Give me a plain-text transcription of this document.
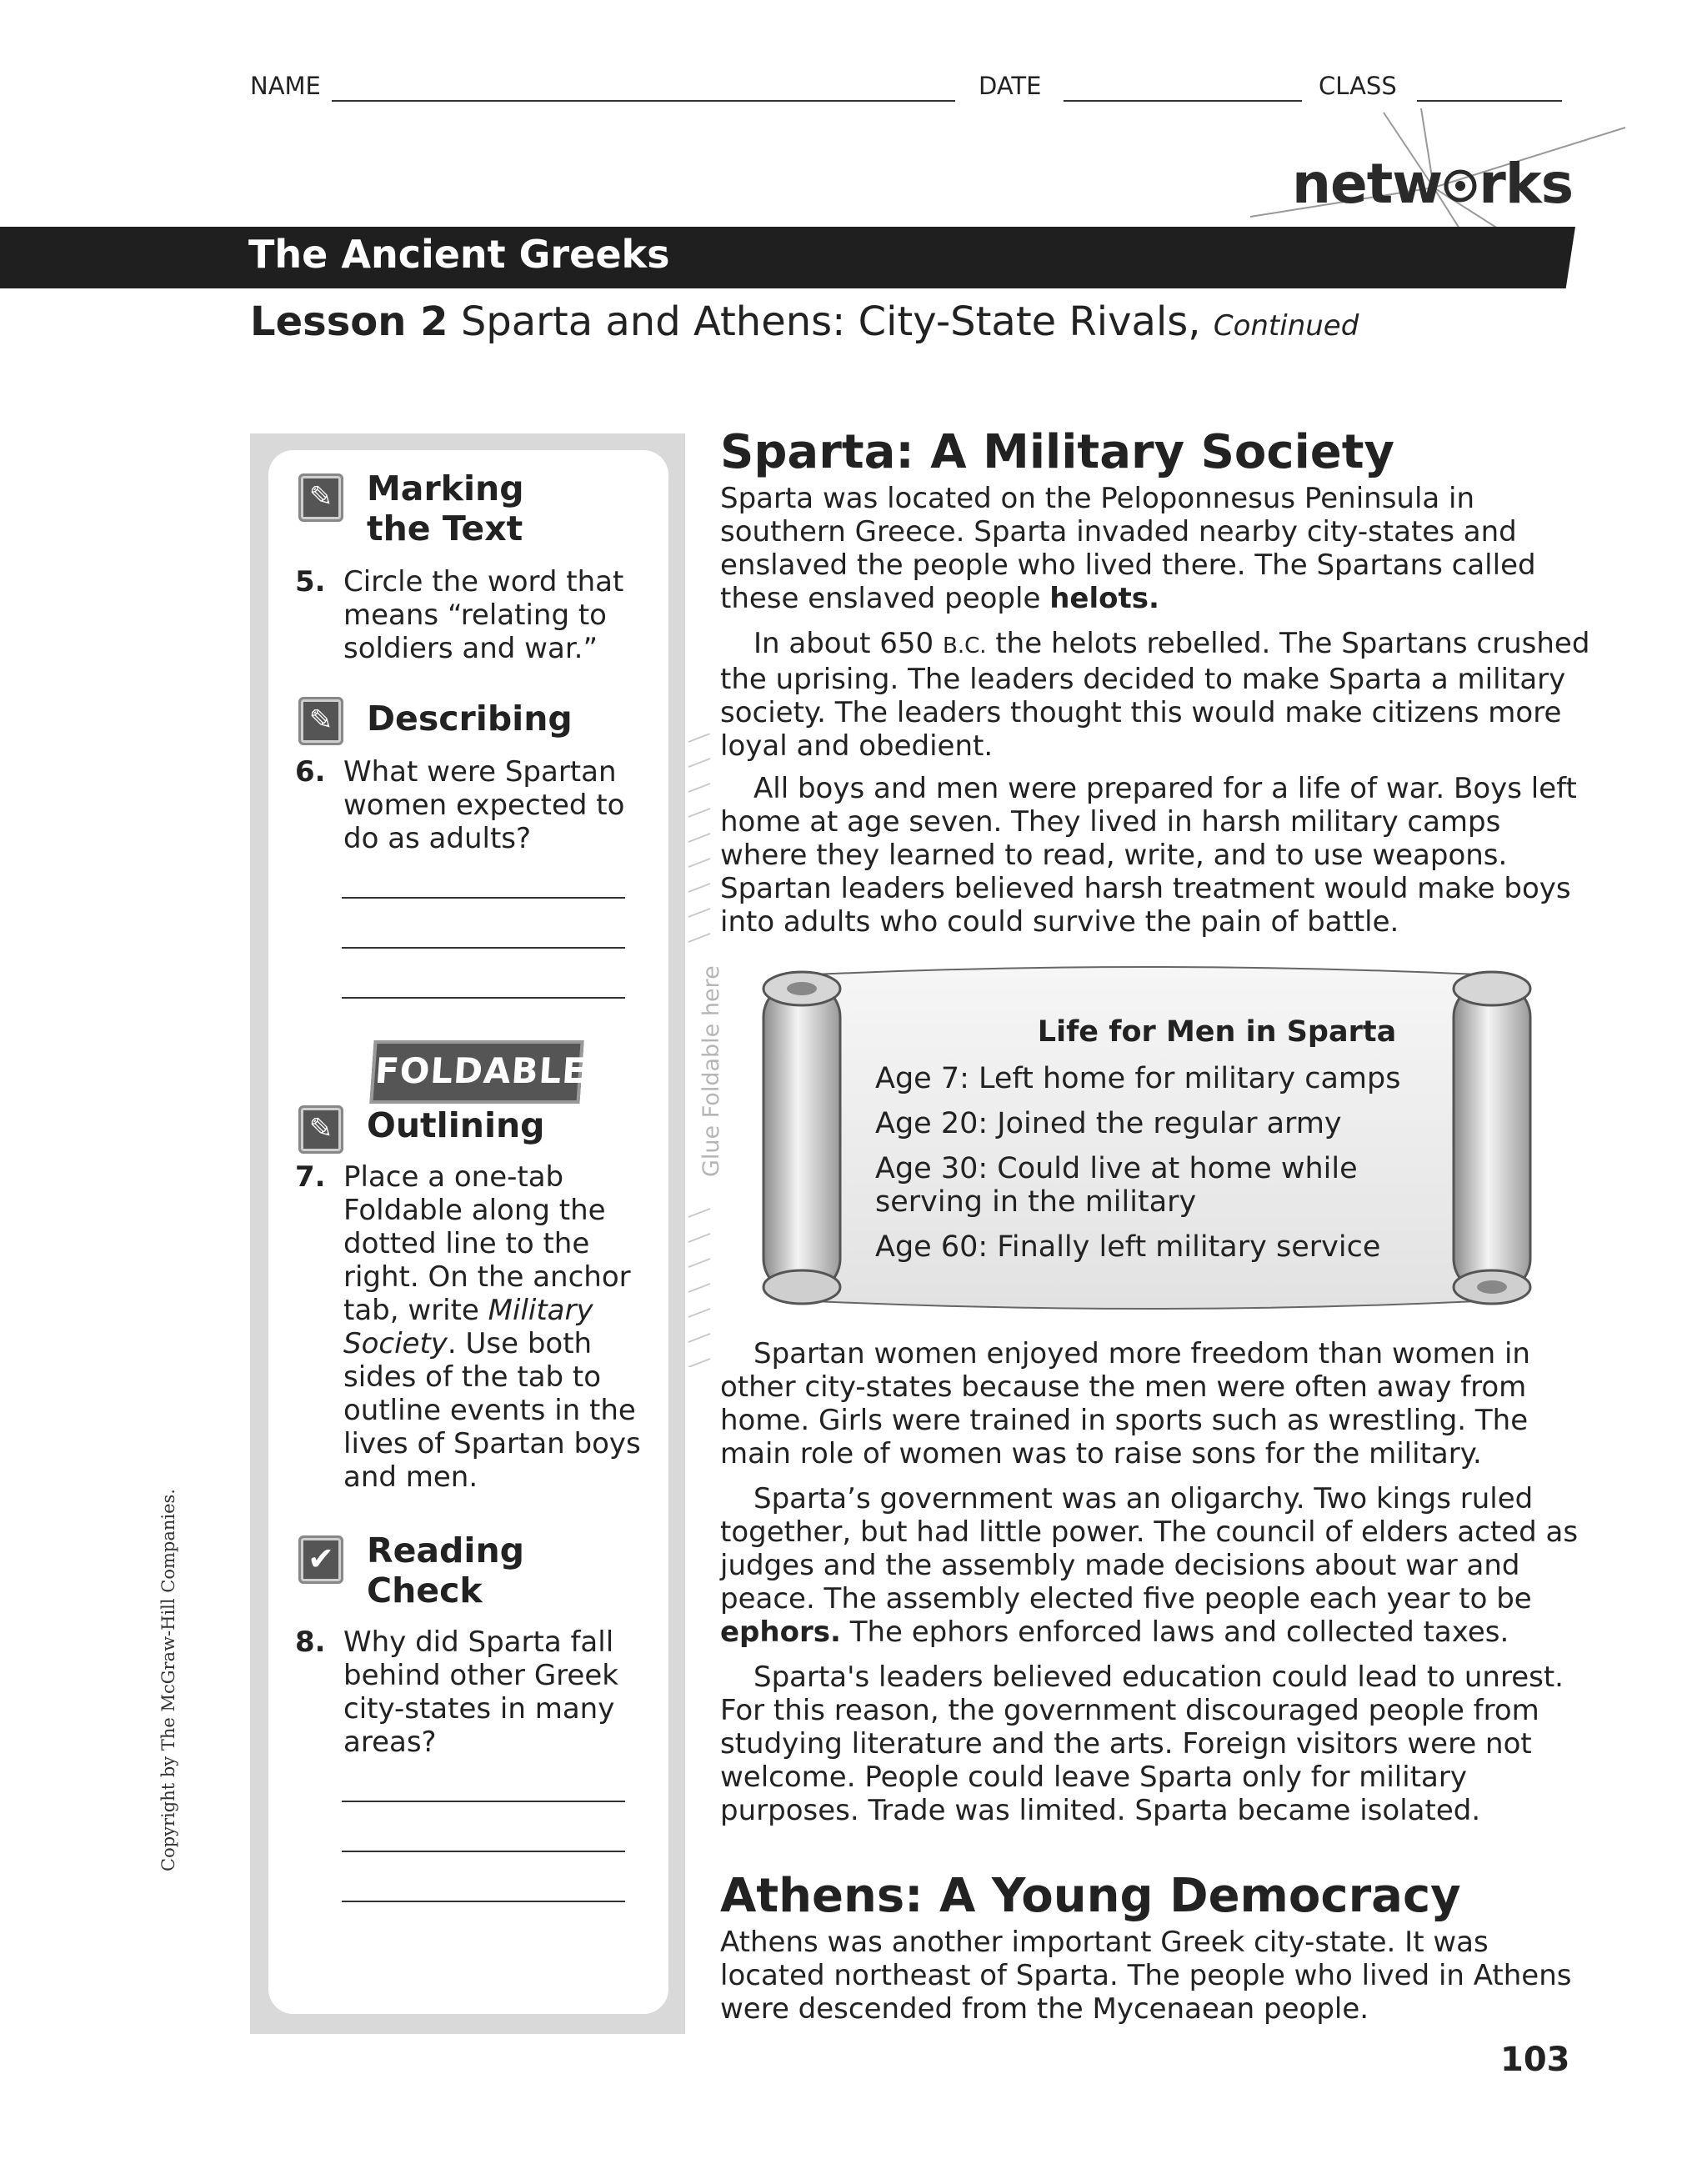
NAME	DATE	CLASS
netw rks
The Ancient Greeks
Lesson 2 Sparta and Athens: City-State Rivals, Continued
✎ Marking
the Text
5. Circle the word that means “relating to soldiers and war.”
✎ Describing
6. What were Spartan women expected to do as adults?
FOLDABLES
✎ Outlining
7. Place a one-tab Foldable along the dotted line to the right. On the anchor tab, write Military Society. Use both sides of the tab to outline events in the lives of Spartan boys and men.
✔ Reading
Check
8. Why did Sparta fall behind other Greek city-states in many areas?
Glue Foldable here
Sparta: A Military Society
Sparta was located on the Peloponnesus Peninsula in southern Greece. Sparta invaded nearby city-states and enslaved the people who lived there. The Spartans called these enslaved people helots.
In about 650 B.C. the helots rebelled. The Spartans crushed the uprising. The leaders decided to make Sparta a military society. The leaders thought this would make citizens more loyal and obedient.
All boys and men were prepared for a life of war. Boys left home at age seven. They lived in harsh military camps where they learned to read, write, and to use weapons. Spartan leaders believed harsh treatment would make boys into adults who could survive the pain of battle.
Life for Men in Sparta
Age 7: Left home for military camps
Age 20: Joined the regular army
Age 30: Could live at home while
serving in the military
Age 60: Finally left military service
Spartan women enjoyed more freedom than women in other city-states because the men were often away from home. Girls were trained in sports such as wrestling. The main role of women was to raise sons for the military.
Sparta’s government was an oligarchy. Two kings ruled together, but had little power. The council of elders acted as judges and the assembly made decisions about war and peace. The assembly elected five people each year to be ephors. The ephors enforced laws and collected taxes.
Sparta's leaders believed education could lead to unrest. For this reason, the government discouraged people from studying literature and the arts. Foreign visitors were not welcome. People could leave Sparta only for military purposes. Trade was limited. Sparta became isolated.
Athens: A Young Democracy
Athens was another important Greek city-state. It was located northeast of Sparta. The people who lived in Athens were descended from the Mycenaean people.
Copyright by The McGraw-Hill Companies.
103
